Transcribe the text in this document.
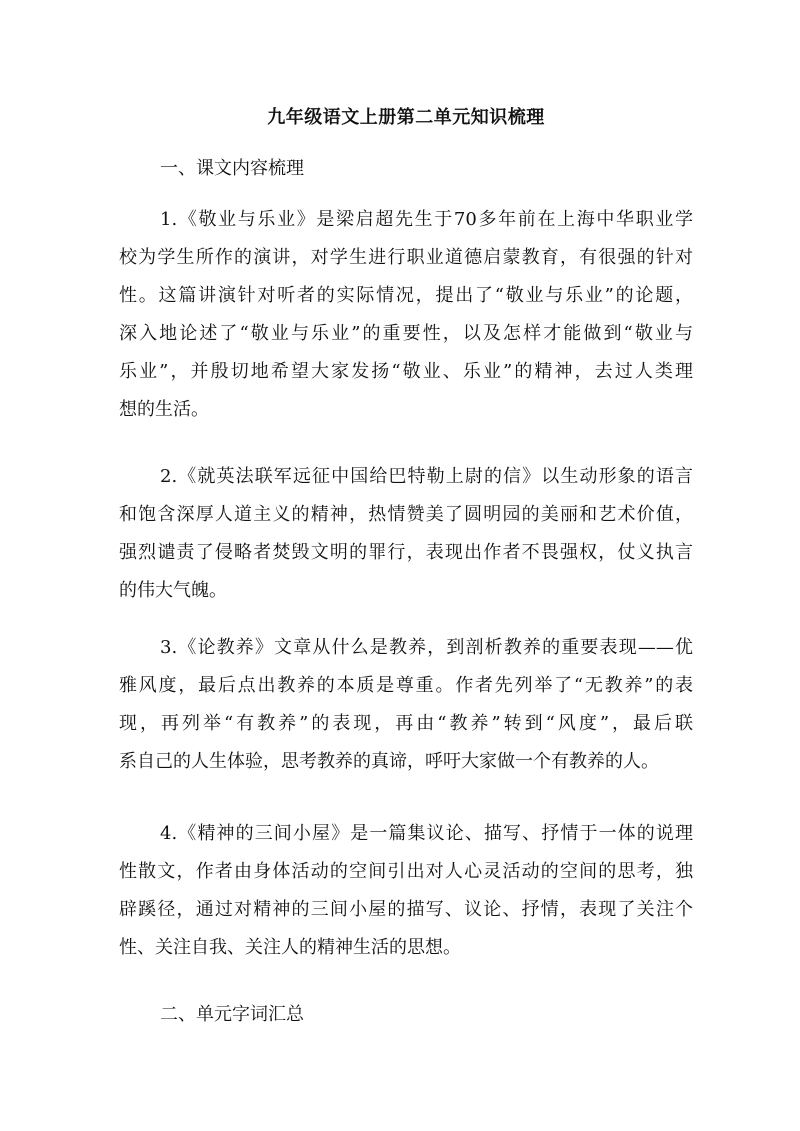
九年级语文上册第二单元知识梳理
一、课文内容梳理
1.《敬业与乐业》是梁启超先生于70多年前在上海中华职业学
校为学生所作的演讲，对学生进行职业道德启蒙教育，有很强的针对
性。这篇讲演针对听者的实际情况，提出了“敬业与乐业”的论题，
深入地论述了“敬业与乐业”的重要性，以及怎样才能做到“敬业与
乐业”，并殷切地希望大家发扬“敬业、乐业”的精神，去过人类理
想的生活。
2.《就英法联军远征中国给巴特勒上尉的信》以生动形象的语言
和饱含深厚人道主义的精神，热情赞美了圆明园的美丽和艺术价值，
强烈谴责了侵略者焚毁文明的罪行，表现出作者不畏强权，仗义执言
的伟大气魄。
3.《论教养》文章从什么是教养，到剖析教养的重要表现——优
雅风度，最后点出教养的本质是尊重。作者先列举了“无教养”的表
现，再列举“有教养”的表现，再由“教养”转到“风度”，最后联
系自己的人生体验，思考教养的真谛，呼吁大家做一个有教养的人。
4.《精神的三间小屋》是一篇集议论、描写、抒情于一体的说理
性散文，作者由身体活动的空间引出对人心灵活动的空间的思考，独
辟蹊径，通过对精神的三间小屋的描写、议论、抒情，表现了关注个
性、关注自我、关注人的精神生活的思想。
二、单元字词汇总
